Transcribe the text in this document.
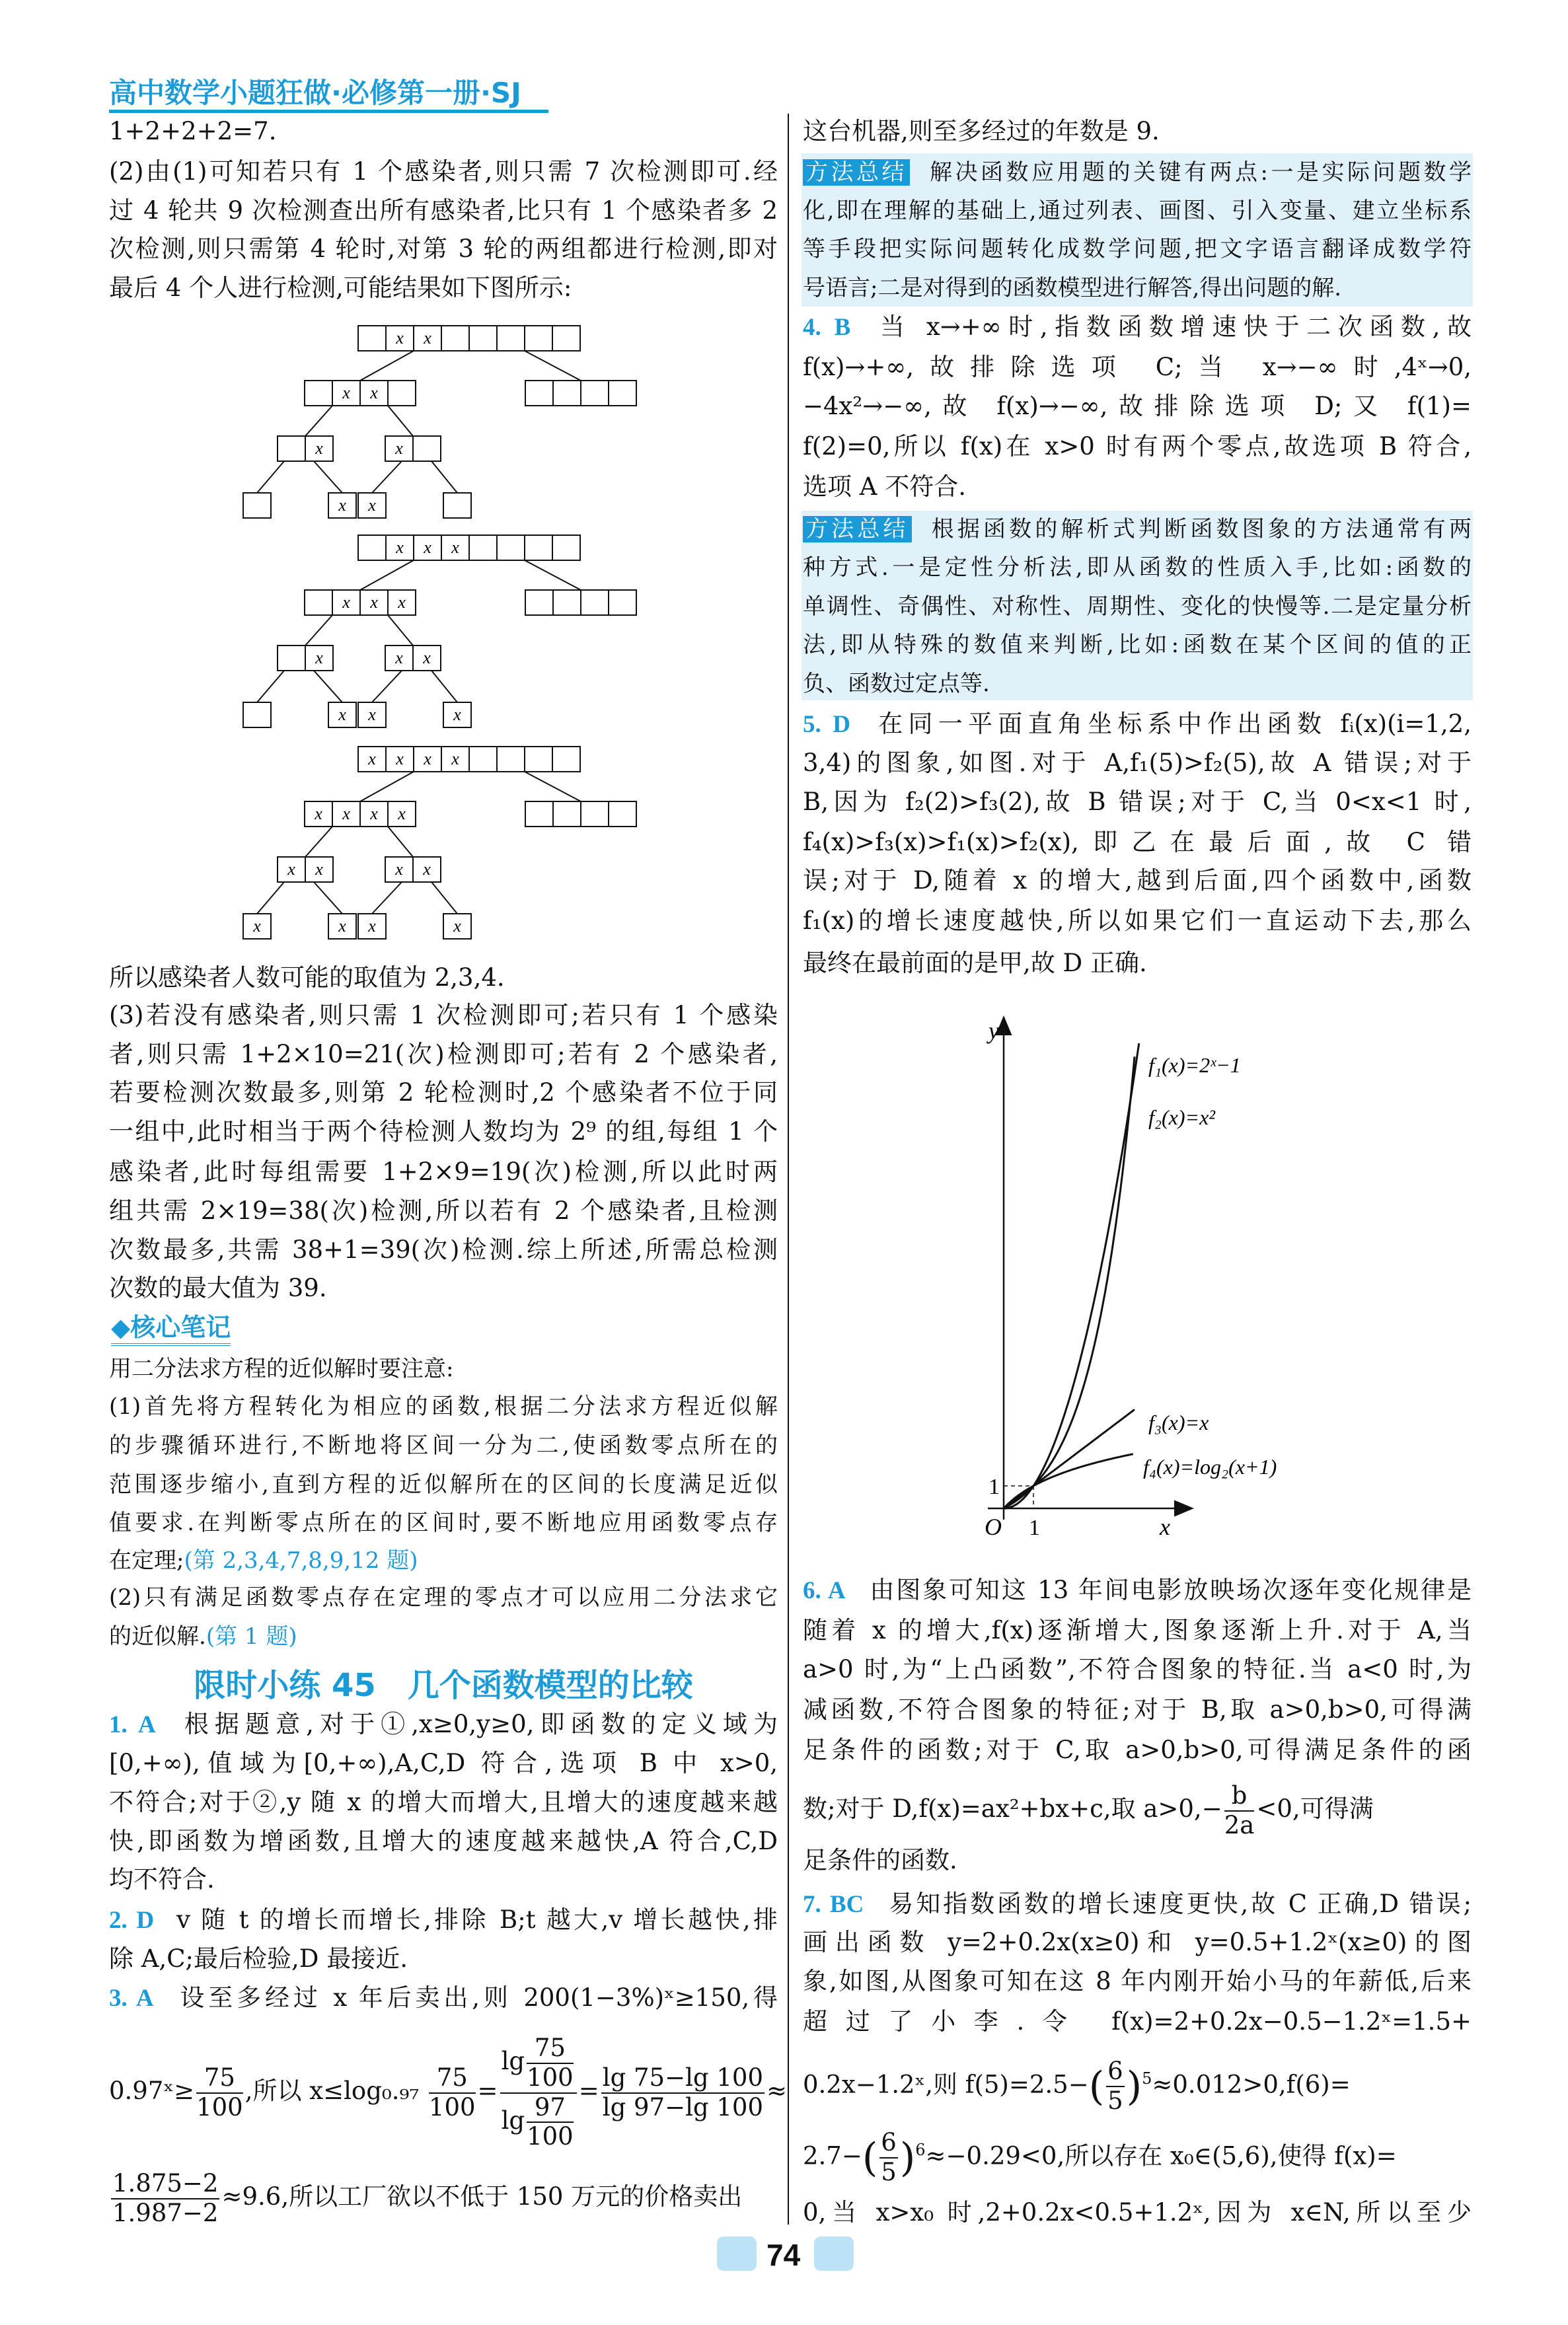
高中数学小题狂做·必修第一册·SJ
1+2+2+2=7.
(2)由(1)可知若只有 1 个感染者,则只需 7 次检测即可.经
过 4 轮共 9 次检测查出所有感染者,比只有 1 个感染者多 2
次检测,则只需第 4 轮时,对第 3 轮的两组都进行检测,即对
最后 4 个人进行检测,可能结果如下图所示:
x x
x x
x	x
x x
x x x
x x x
x	x x
x x	x
x x x x
x x x x
x x	x x
x	x x	x
所以感染者人数可能的取值为 2,3,4.
(3)若没有感染者,则只需 1 次检测即可;若只有 1 个感染
者,则只需 1+2×10=21(次)检测即可;若有 2 个感染者,
若要检测次数最多,则第 2 轮检测时,2 个感染者不位于同
一组中,此时相当于两个待检测人数均为 2⁹ 的组,每组 1 个
感染者,此时每组需要 1+2×9=19(次)检测,所以此时两
组共需 2×19=38(次)检测,所以若有 2 个感染者,且检测
次数最多,共需 38+1=39(次)检测.综上所述,所需总检测
次数的最大值为 39.
◆核心笔记
用二分法求方程的近似解时要注意:
(1)首先将方程转化为相应的函数,根据二分法求方程近似解
的步骤循环进行,不断地将区间一分为二,使函数零点所在的
范围逐步缩小,直到方程的近似解所在的区间的长度满足近似
值要求.在判断零点所在的区间时,要不断地应用函数零点存
在定理;(第 2,3,4,7,8,9,12 题)
(2)只有满足函数零点存在定理的零点才可以应用二分法求它
的近似解.(第 1 题)
限时小练 45　几个函数模型的比较
1. A 根据题意,对于①,x≥0,y≥0,即函数的定义域为
[0,+∞),值域为[0,+∞),A,C,D 符合,选项 B 中 x>0,
不符合;对于②,y 随 x 的增大而增大,且增大的速度越来越
快,即函数为增函数,且增大的速度越来越快,A 符合,C,D
均不符合.
2. D v 随 t 的增长而增长,排除 B;t 越大,v 增长越快,排
除 A,C;最后检验,D 最接近.
3. A 设至多经过 x 年后卖出,则 200(1−3%)ˣ≥150,得
0.97ˣ≥ $\frac{75}{100}$ ,所以 $x\le\log_0._{97} \frac{75}{100} = \frac{\lg \frac{75}{100}}{\lg \frac{97}{100}} = \frac{\lg 75-\lg 100}{\lg 97-\lg 100}$ ≈
$\frac{1.875-2}{1.987-2} \approx 9.6$,所以工厂欲以不低于 150 万元的价格卖出
这台机器,则至多经过的年数是 9.
方法总结 解决函数应用题的关键有两点:一是实际问题数学
化,即在理解的基础上,通过列表、画图、引入变量、建立坐标系
等手段把实际问题转化成数学问题,把文字语言翻译成数学符
号语言;二是对得到的函数模型进行解答,得出问题的解.
4. B 当 x→+∞时,指数函数增速快于二次函数,故
f(x)→+∞,故排除选项 C;当 x→−∞时,4ˣ→0,
−4x²→−∞,故 f(x)→−∞,故排除选项 D;又 f(1)=
f(2)=0,所以 f(x)在 x>0 时有两个零点,故选项 B 符合,
选项 A 不符合.
方法总结 根据函数的解析式判断函数图象的方法通常有两
种方式.一是定性分析法,即从函数的性质入手,比如:函数的
单调性、奇偶性、对称性、周期性、变化的快慢等.二是定量分析
法,即从特殊的数值来判断,比如:函数在某个区间的值的正
负、函数过定点等.
5. D 在同一平面直角坐标系中作出函数 fᵢ(x)(i=1,2,
3,4)的图象,如图.对于 A,f₁(5)>f₂(5),故 A 错误;对于
B,因为 f₂(2)>f₃(2),故 B 错误;对于 C,当 0<x<1 时,
f₄(x)>f₃(x)>f₁(x)>f₂(x),即乙在最后面,故 C 错
误;对于 D,随着 x 的增大,越到后面,四个函数中,函数
f₁(x)的增长速度越快,所以如果它们一直运动下去,那么
最终在最前面的是甲,故 D 正确.
y
x
O 1
1
f₁(x)=2ˣ−1
f₂(x)=x²
f₃(x)=x
f₄(x)=log₂(x+1)
6. A 由图象可知这 13 年间电影放映场次逐年变化规律是
随着 x 的增大,f(x)逐渐增大,图象逐渐上升.对于 A,当
a>0 时,为“上凸函数”,不符合图象的特征.当 a<0 时,为
减函数,不符合图象的特征;对于 B,取 a>0,b>0,可得满
足条件的函数;对于 C,取 a>0,b>0,可得满足条件的函
数;对于 D,f(x)=ax²+bx+c,取 $a>0,- \frac{b}{2a} <0$,可得满
足条件的函数.
7. BC 易知指数函数的增长速度更快,故 C 正确,D 错误;
画出函数 y=2+0.2x(x≥0)和 y=0.5+1.2ˣ(x≥0)的图
象,如图,从图象可知在这 8 年内刚开始小马的年薪低,后来
超过了小李.令 f(x)=2+0.2x−0.5−1.2ˣ=1.5+
0.2x−1.2ˣ,则 $f(5)=2.5-( \frac{6}{5} )^5\approx 0.012>0,f(6)=$
$2.7-( \frac{6}{5} )^6\approx-0.29<0$,所以存在 x₀∈(5,6),使得 f(x)=
0,当 x>x₀ 时,2+0.2x<0.5+1.2ˣ,因为 x∈N,所以至少
74
